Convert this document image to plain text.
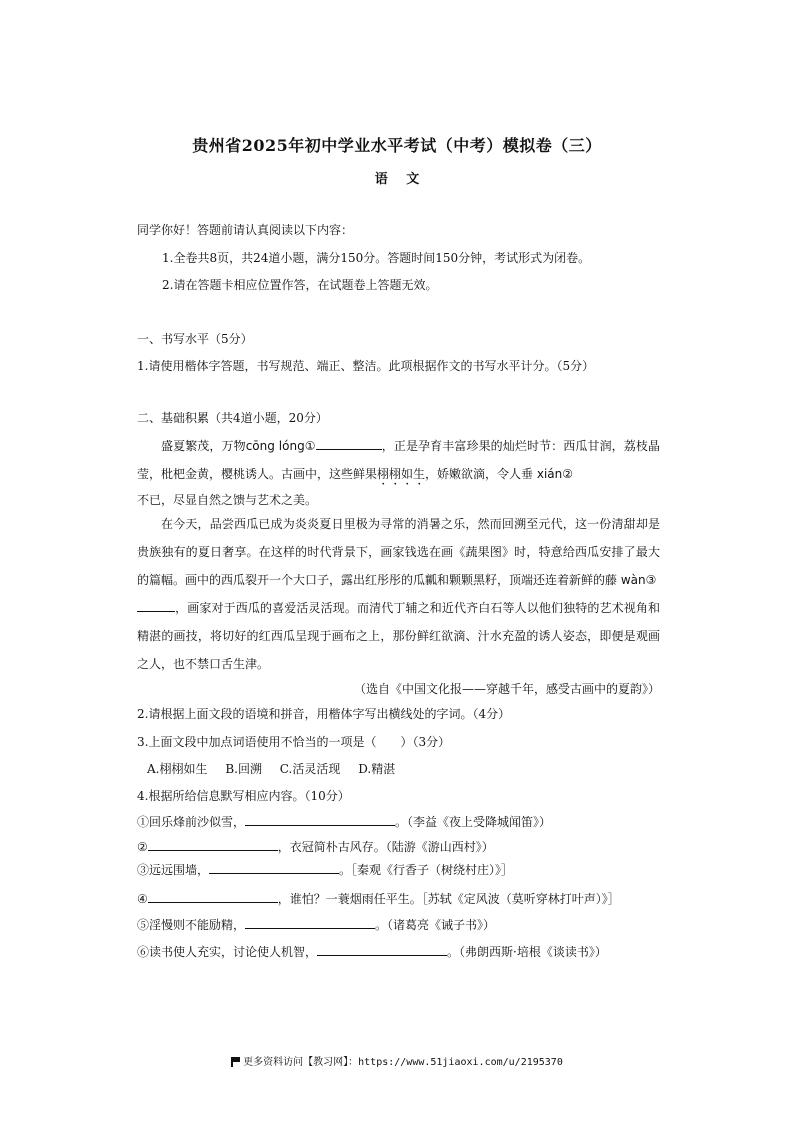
贵州省2025年初中学业水平考试（中考）模拟卷（三）
语 文
同学你好！答题前请认真阅读以下内容：
1.全卷共8页，共24道小题，满分150分。答题时间150分钟，考试形式为闭卷。
2.请在答题卡相应位置作答，在试题卷上答题无效。
一、书写水平（5分）
1.请使用楷体字答题，书写规范、端正、整洁。此项根据作文的书写水平计分。（5分）
二、基础积累（共4道小题，20分）

盛夏繁茂，万物cōng lóng①	，正是孕育丰富珍果的灿烂时节：西瓜甘润，荔枝晶莹，枇杷金黄，樱桃诱人。古画中，这些鲜果栩栩如生，娇嫩欲滴，令人垂 xián②

不已，尽显自然之馈与艺术之美。

在今天，品尝西瓜已成为炎炎夏日里极为寻常的消暑之乐，然而回溯至元代，这一份清甜却是贵族独有的夏日奢享。在这样的时代背景下，画家钱选在画《蔬果图》时，特意给西瓜安排了最大的篇幅。画中的西瓜裂开一个大口子，露出红彤彤的瓜瓤和颗颗黑籽，顶端还连着新鲜的藤 wàn③

，画家对于西瓜的喜爱活灵活现。而清代丁辅之和近代齐白石等人以他们独特的艺术视角和精湛的画技，将切好的红西瓜呈现于画布之上，那份鲜红欲滴、汁水充盈的诱人姿态，即便是观画之人，也不禁口舌生津。

（选自《中国文化报——穿越千年，感受古画中的夏韵》）
2.请根据上面文段的语境和拼音，用楷体字写出横线处的字词。（4分）
3.上面文段中加点词语使用不恰当的一项是（　　）（3分）
A.栩栩如生 B.回溯 C.活灵活现 D.精湛
4.根据所给信息默写相应内容。（10分）
①回乐烽前沙似雪，	。（李益《夜上受降城闻笛》）
②	，衣冠简朴古风存。（陆游《游山西村》）
③远远围墙，	。［秦观《行香子（树绕村庄）》］
④	，谁怕？一蓑烟雨任平生。［苏轼《定风波（莫听穿林打叶声）》］
⑤淫慢则不能励精，	。（诸葛亮《诫子书》）
⑥读书使人充实，讨论使人机智，	。（弗朗西斯·培根《谈读书》）
更多资料访问【教习网】：https://www.51jiaoxi.com/u/2195370
